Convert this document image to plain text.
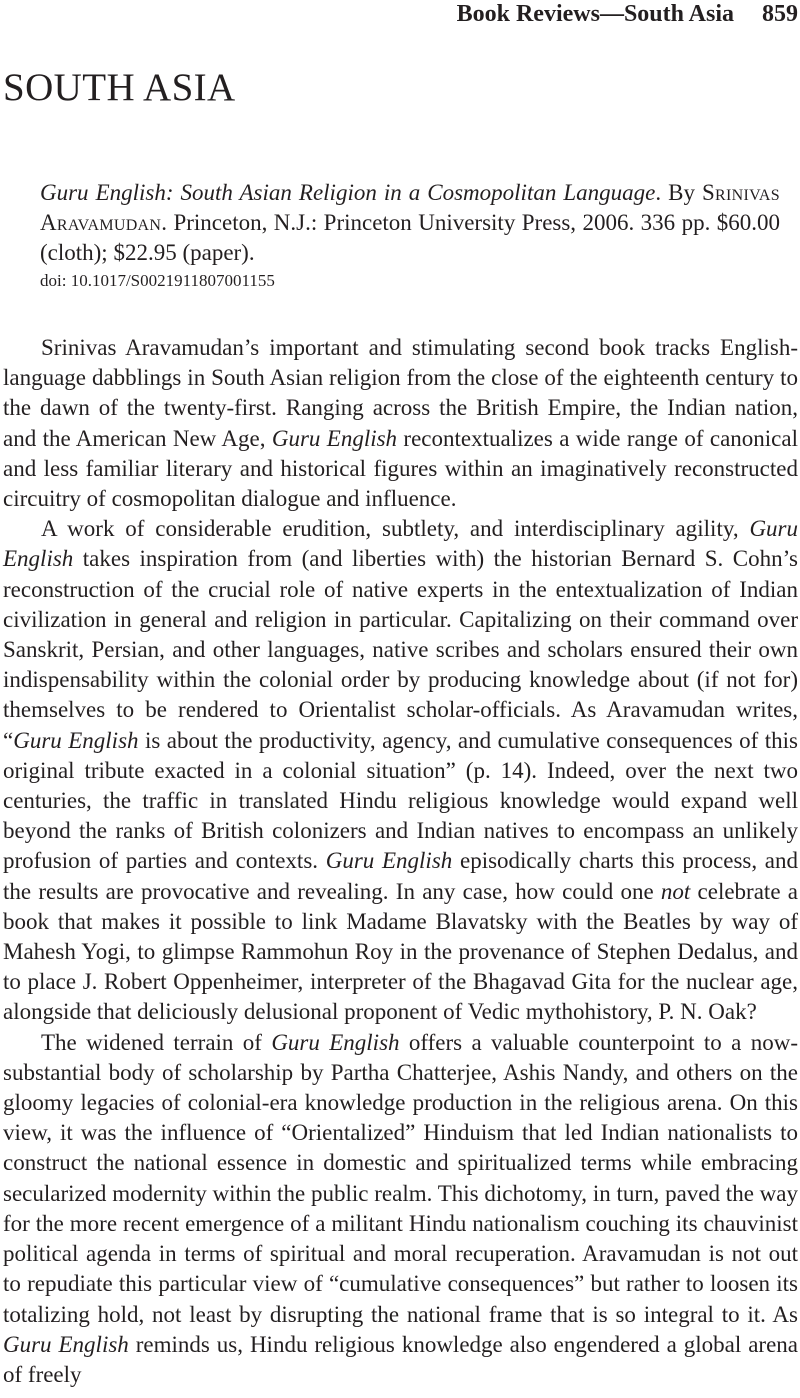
Book Reviews—South Asia 859
SOUTH ASIA
Guru English: South Asian Religion in a Cosmopolitan Language. By Srinivas Aravamudan. Princeton, N.J.: Princeton University Press, 2006. 336 pp. $60.00 (cloth); $22.95 (paper).
doi: 10.1017/S0021911807001155

Srinivas Aravamudan’s important and stimulating second book tracks English-language dabblings in South Asian religion from the close of the eighteenth century to the dawn of the twenty-first. Ranging across the British Empire, the Indian nation, and the American New Age, Guru English recontextualizes a wide range of canonical and less familiar literary and historical figures within an imaginatively reconstructed circuitry of cosmopolitan dialogue and influence.

A work of considerable erudition, subtlety, and interdisciplinary agility, Guru English takes inspiration from (and liberties with) the historian Bernard S. Cohn’s reconstruction of the crucial role of native experts in the entextualization of Indian civilization in general and religion in particular. Capitalizing on their command over Sanskrit, Persian, and other languages, native scribes and scholars ensured their own indispensability within the colonial order by producing knowledge about (if not for) themselves to be rendered to Orientalist scholar-officials. As Aravamudan writes, “Guru English is about the productivity, agency, and cumulative consequences of this original tribute exacted in a colonial situation” (p. 14). Indeed, over the next two centuries, the traffic in translated Hindu religious knowledge would expand well beyond the ranks of British colonizers and Indian natives to encompass an unlikely profusion of parties and contexts. Guru English episodically charts this process, and the results are provocative and revealing. In any case, how could one not celebrate a book that makes it possible to link Madame Blavatsky with the Beatles by way of Mahesh Yogi, to glimpse Rammohun Roy in the provenance of Stephen Dedalus, and to place J. Robert Oppenheimer, interpreter of the Bhagavad Gita for the nuclear age, alongside that deliciously delusional proponent of Vedic mythohistory, P. N. Oak?

The widened terrain of Guru English offers a valuable counterpoint to a now-substantial body of scholarship by Partha Chatterjee, Ashis Nandy, and others on the gloomy legacies of colonial-era knowledge production in the religious arena. On this view, it was the influence of “Orientalized” Hinduism that led Indian nationalists to construct the national essence in domestic and spiritualized terms while embracing secularized modernity within the public realm. This dichotomy, in turn, paved the way for the more recent emergence of a militant Hindu nationalism couching its chauvinist political agenda in terms of spiritual and moral recuperation. Aravamudan is not out to repudiate this particular view of “cumulative consequences” but rather to loosen its totalizing hold, not least by disrupting the national frame that is so integral to it. As Guru English reminds us, Hindu religious knowledge also engendered a global arena of freely
